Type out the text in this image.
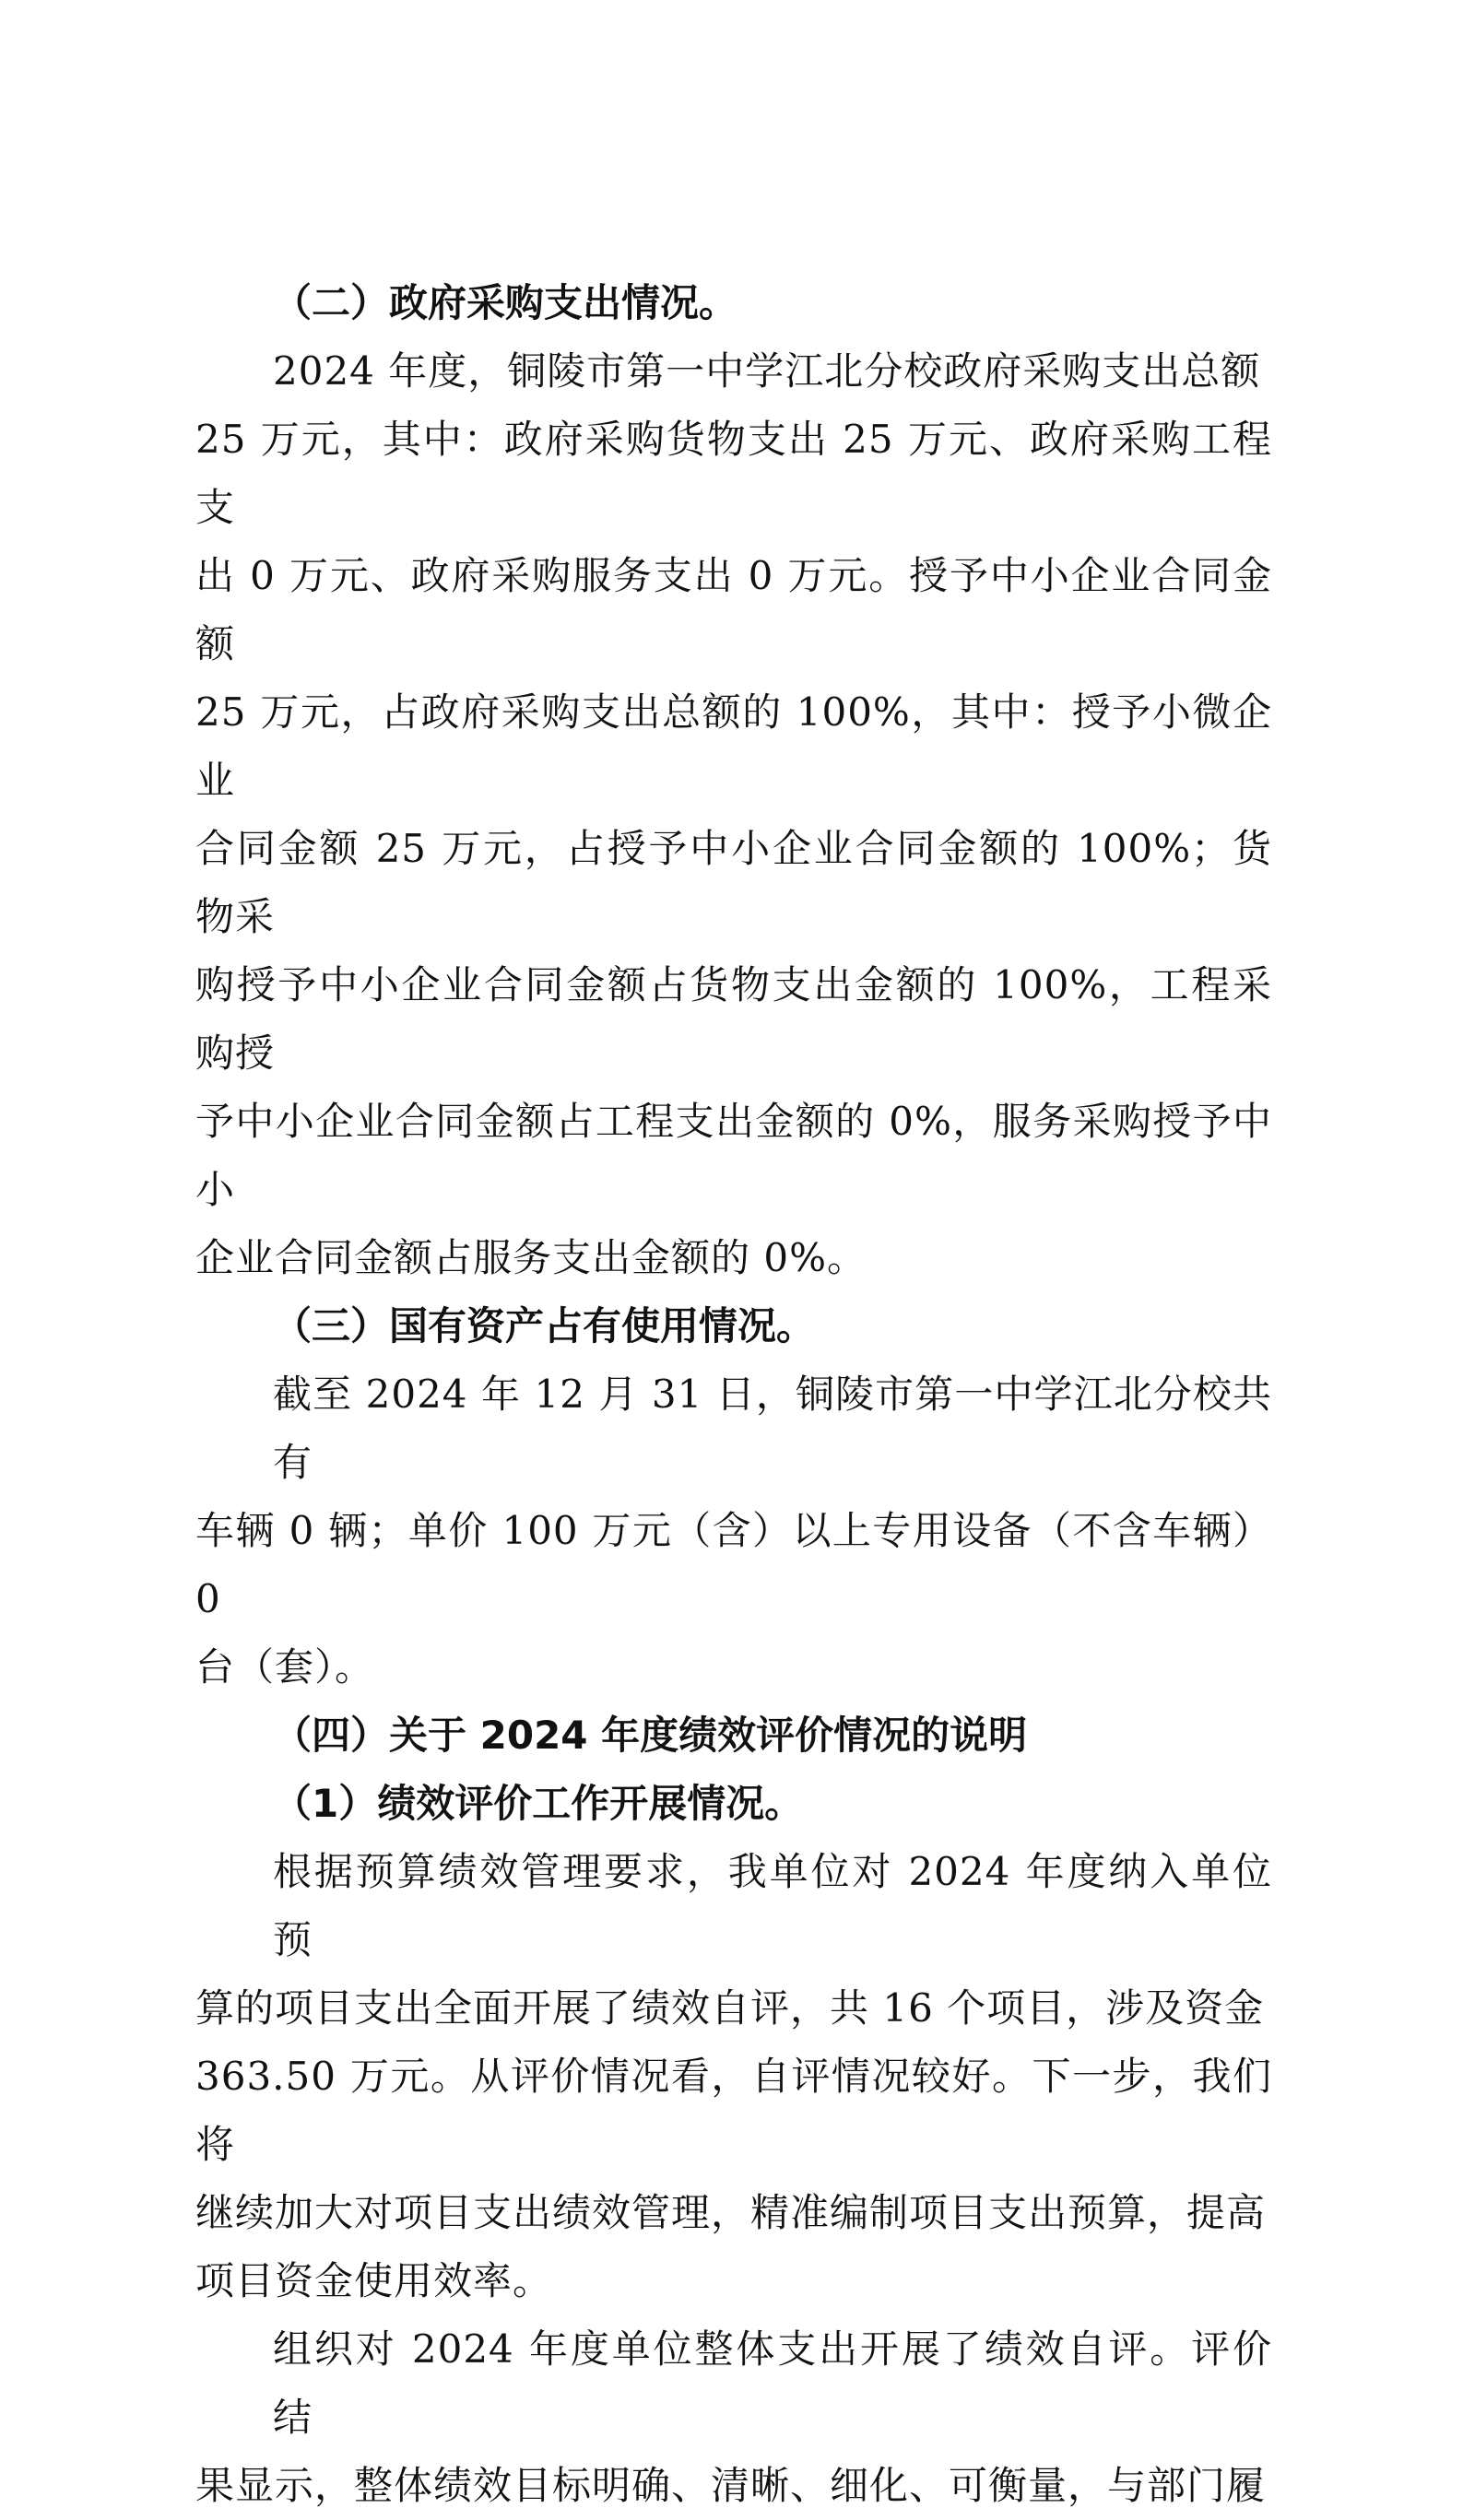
（二）政府采购支出情况。
2024 年度，铜陵市第一中学江北分校政府采购支出总额
25 万元，其中：政府采购货物支出 25 万元、政府采购工程支
出 0 万元、政府采购服务支出 0 万元。授予中小企业合同金额
25 万元，占政府采购支出总额的 100%，其中：授予小微企业
合同金额 25 万元，占授予中小企业合同金额的 100%；货物采
购授予中小企业合同金额占货物支出金额的 100%，工程采购授
予中小企业合同金额占工程支出金额的 0%，服务采购授予中小
企业合同金额占服务支出金额的 0%。
（三）国有资产占有使用情况。
截至 2024 年 12 月 31 日，铜陵市第一中学江北分校共有
车辆 0 辆；单价 100 万元（含）以上专用设备（不含车辆）0
台（套）。
（四）关于 2024 年度绩效评价情况的说明
（1）绩效评价工作开展情况。
根据预算绩效管理要求，我单位对 2024 年度纳入单位预
算的项目支出全面开展了绩效自评，共 16 个项目，涉及资金
363.50 万元。从评价情况看，自评情况较好。下一步，我们将
继续加大对项目支出绩效管理，精准编制项目支出预算，提高
项目资金使用效率。
组织对 2024 年度单位整体支出开展了绩效自评。评价结
果显示，整体绩效目标明确、清晰、细化、可衡量，与部门履
